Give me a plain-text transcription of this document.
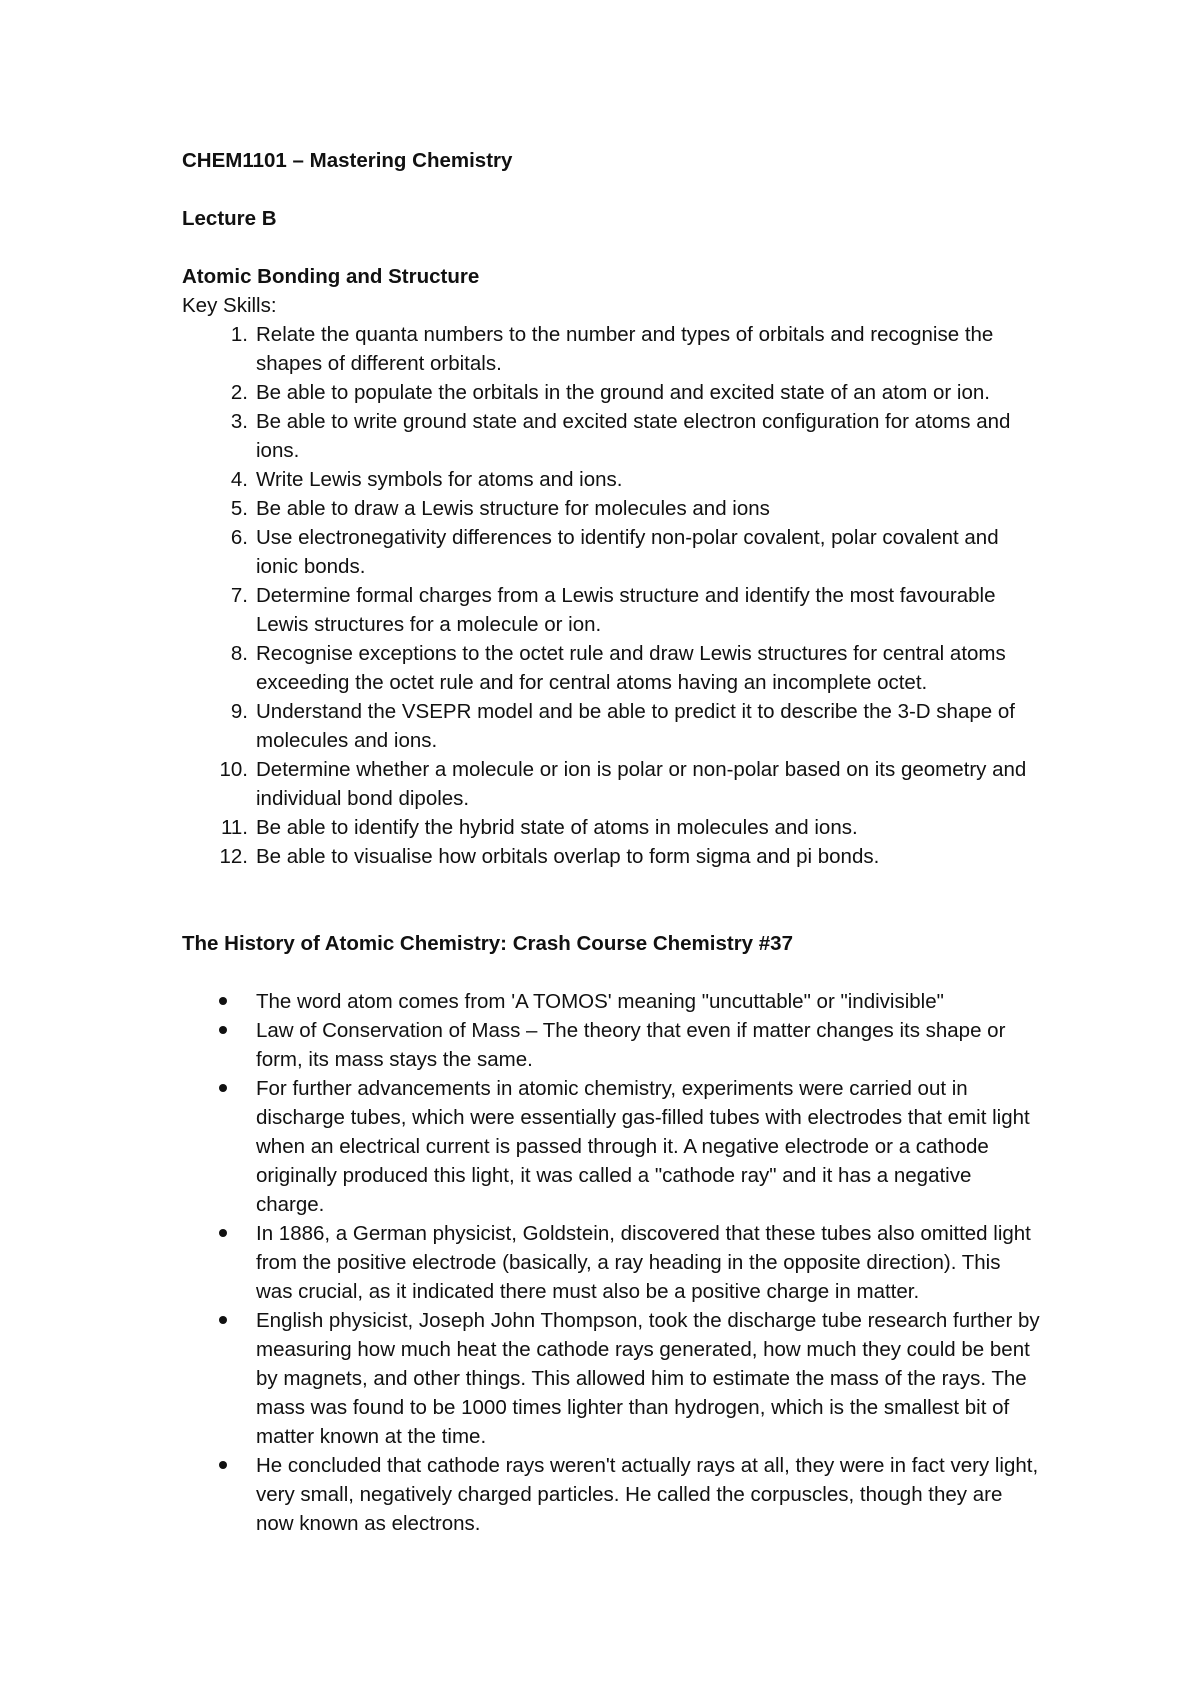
CHEM1101 – Mastering Chemistry
Lecture B
Atomic Bonding and Structure
Key Skills:
1. Relate the quanta numbers to the number and types of orbitals and recognise the shapes of different orbitals.
2. Be able to populate the orbitals in the ground and excited state of an atom or ion.
3. Be able to write ground state and excited state electron configuration for atoms and ions.
4. Write Lewis symbols for atoms and ions.
5. Be able to draw a Lewis structure for molecules and ions
6. Use electronegativity differences to identify non-polar covalent, polar covalent and ionic bonds.
7. Determine formal charges from a Lewis structure and identify the most favourable Lewis structures for a molecule or ion.
8. Recognise exceptions to the octet rule and draw Lewis structures for central atoms exceeding the octet rule and for central atoms having an incomplete octet.
9. Understand the VSEPR model and be able to predict it to describe the 3-D shape of molecules and ions.
10. Determine whether a molecule or ion is polar or non-polar based on its geometry and individual bond dipoles.
11. Be able to identify the hybrid state of atoms in molecules and ions.
12. Be able to visualise how orbitals overlap to form sigma and pi bonds.
The History of Atomic Chemistry: Crash Course Chemistry #37
The word atom comes from 'A TOMOS' meaning "uncuttable" or "indivisible"
Law of Conservation of Mass – The theory that even if matter changes its shape or form, its mass stays the same.
For further advancements in atomic chemistry, experiments were carried out in discharge tubes, which were essentially gas-filled tubes with electrodes that emit light when an electrical current is passed through it. A negative electrode or a cathode originally produced this light, it was called a "cathode ray" and it has a negative charge.
In 1886, a German physicist, Goldstein, discovered that these tubes also omitted light from the positive electrode (basically, a ray heading in the opposite direction). This was crucial, as it indicated there must also be a positive charge in matter.
English physicist, Joseph John Thompson, took the discharge tube research further by measuring how much heat the cathode rays generated, how much they could be bent by magnets, and other things. This allowed him to estimate the mass of the rays. The mass was found to be 1000 times lighter than hydrogen, which is the smallest bit of matter known at the time.
He concluded that cathode rays weren't actually rays at all, they were in fact very light, very small, negatively charged particles. He called the corpuscles, though they are now known as electrons.
